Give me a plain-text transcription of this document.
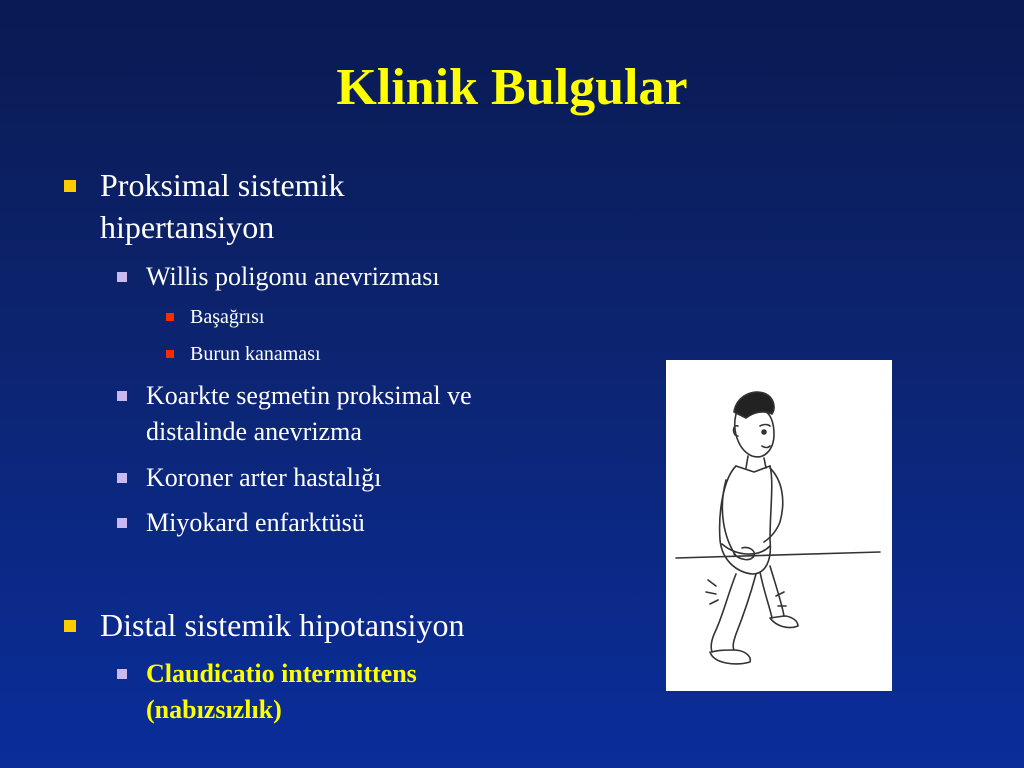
Klinik Bulgular
Proksimal sistemik
hipertansiyon
Willis poligonu anevrizması
Başağrısı
Burun kanaması
Koarkte segmetin proksimal ve
distalinde anevrizma
Koroner arter hastalığı
Miyokard enfarktüsü
Distal sistemik hipotansiyon
Claudicatio intermittens
(nabızsızlık)
